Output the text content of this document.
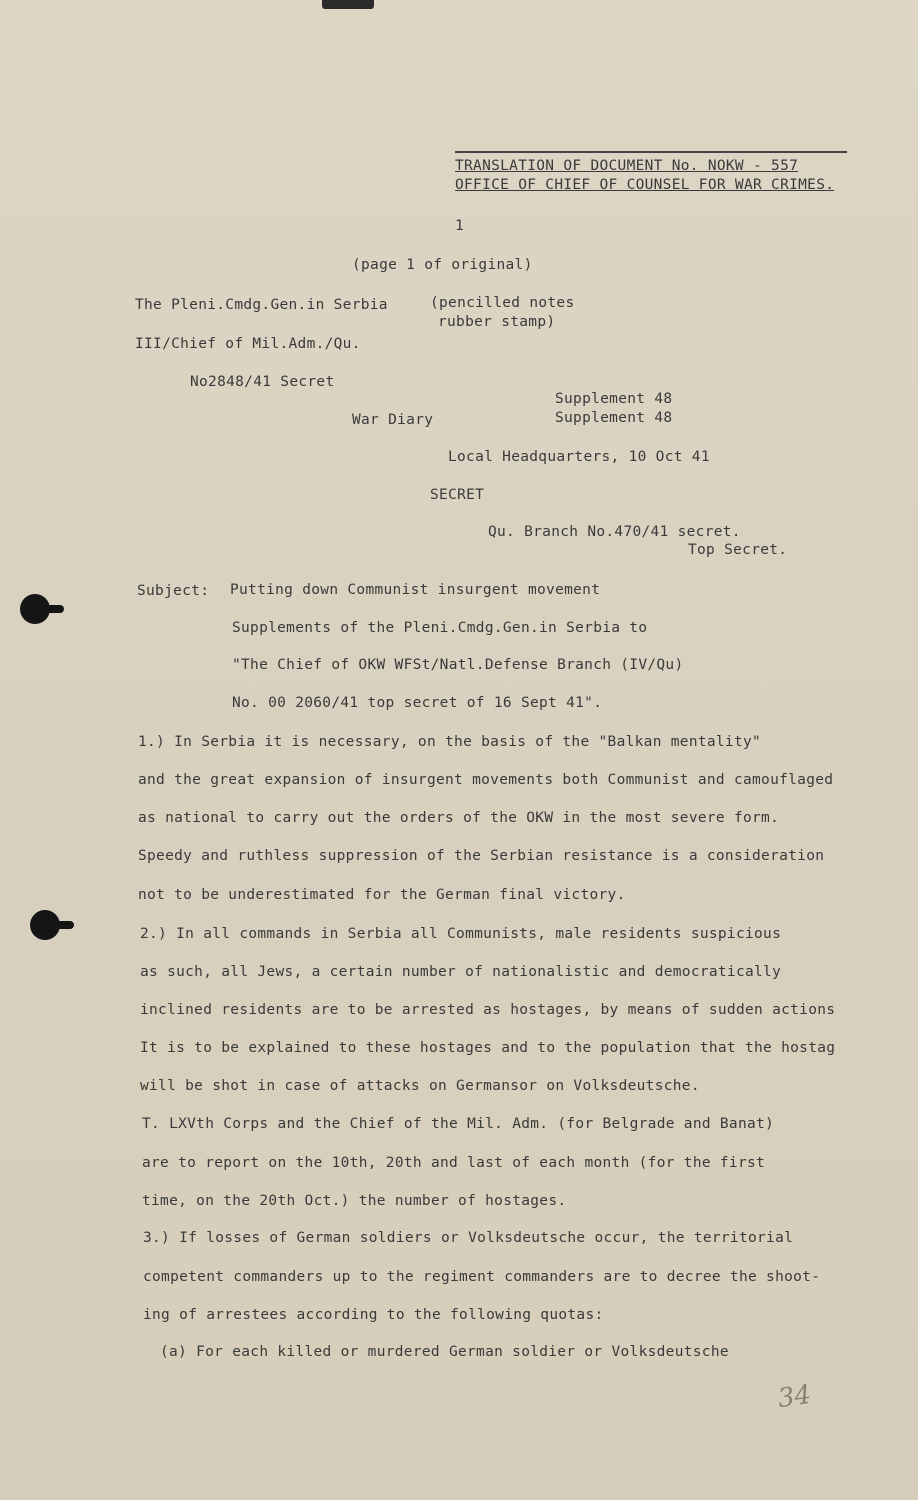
TRANSLATION OF DOCUMENT No. NOKW - 557
OFFICE OF CHIEF OF COUNSEL FOR WAR CRIMES.
1
(page 1 of original)
The Pleni.Cmdg.Gen.in Serbia	(pencilled notes
rubber stamp)
III/Chief of Mil.Adm./Qu.
No2848/41 Secret
Supplement 48
War Diary	Supplement 48
Local Headquarters, 10 Oct 41
SECRET
Qu. Branch No.470/41 secret.
Top Secret.
Subject: Putting down Communist insurgent movement
Supplements of the Pleni.Cmdg.Gen.in Serbia to
"The Chief of OKW WFSt/Natl.Defense Branch (IV/Qu)
No. 00 2060/41 top secret of 16 Sept 41".
1.) In Serbia it is necessary, on the basis of the "Balkan mentality"
and the great expansion of insurgent movements both Communist and camouflaged
as national to carry out the orders of the OKW in the most severe form.
Speedy and ruthless suppression of the Serbian resistance is a consideration
not to be underestimated for the German final victory.
2.) In all commands in Serbia all Communists, male residents suspicious
as such, all Jews, a certain number of nationalistic and democratically
inclined residents are to be arrested as hostages, by means of sudden actions
It is to be explained to these hostages and to the population that the hostag
will be shot in case of attacks on Germansor on Volksdeutsche.
T. LXVth Corps and the Chief of the Mil. Adm. (for Belgrade and Banat)
are to report on the 10th, 20th and last of each month (for the first
time, on the 20th Oct.) the number of hostages.
3.) If losses of German soldiers or Volksdeutsche occur, the territorial
competent commanders up to the regiment commanders are to decree the shoot-
ing of arrestees according to the following quotas:
(a) For each killed or murdered German soldier or Volksdeutsche
34
